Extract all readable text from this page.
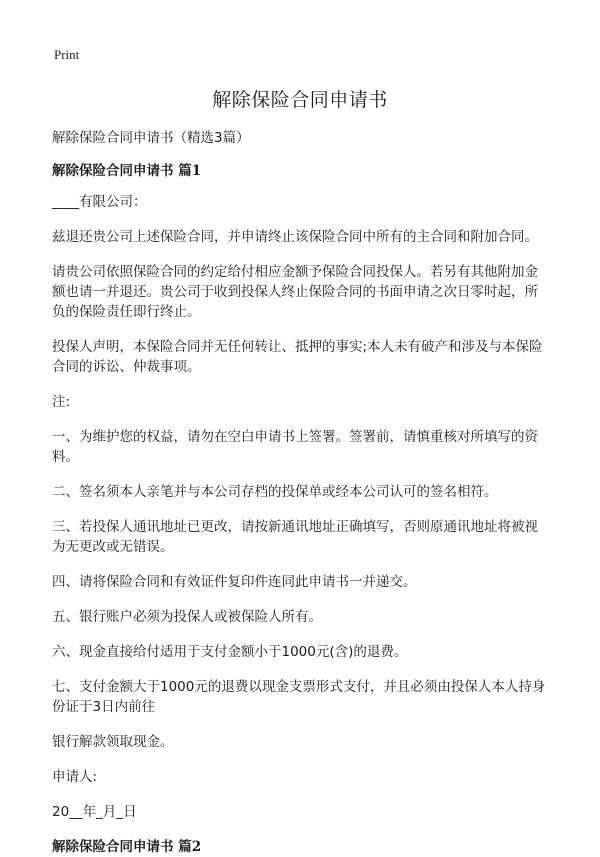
Print
解除保险合同申请书

解除保险合同申请书（精选3篇）

解除保险合同申请书 篇1

____有限公司：

兹退还贵公司上述保险合同，并申请终止该保险合同中所有的主合同和附加合同。

请贵公司依照保险合同的约定给付相应金额予保险合同投保人。若另有其他附加金额也请一并退还。贵公司于收到投保人终止保险合同的书面申请之次日零时起，所负的保险责任即行终止。

投保人声明，本保险合同并无任何转让、抵押的事实;本人未有破产和涉及与本保险合同的诉讼、仲裁事项。

注:

一、为维护您的权益，请勿在空白申请书上签署。签署前，请慎重核对所填写的资料。

二、签名须本人亲笔并与本公司存档的投保单或经本公司认可的签名相符。

三、若投保人通讯地址已更改，请按新通讯地址正确填写，否则原通讯地址将被视为无更改或无错误。

四、请将保险合同和有效证件复印件连同此申请书一并递交。

五、银行账户必须为投保人或被保险人所有。

六、现金直接给付适用于支付金额小于1000元(含)的退费。

七、支付金额大于1000元的退费以现金支票形式支付，并且必须由投保人本人持身份证于3日内前往

银行解款领取现金。

申请人:

20__年_月_日

解除保险合同申请书 篇2
